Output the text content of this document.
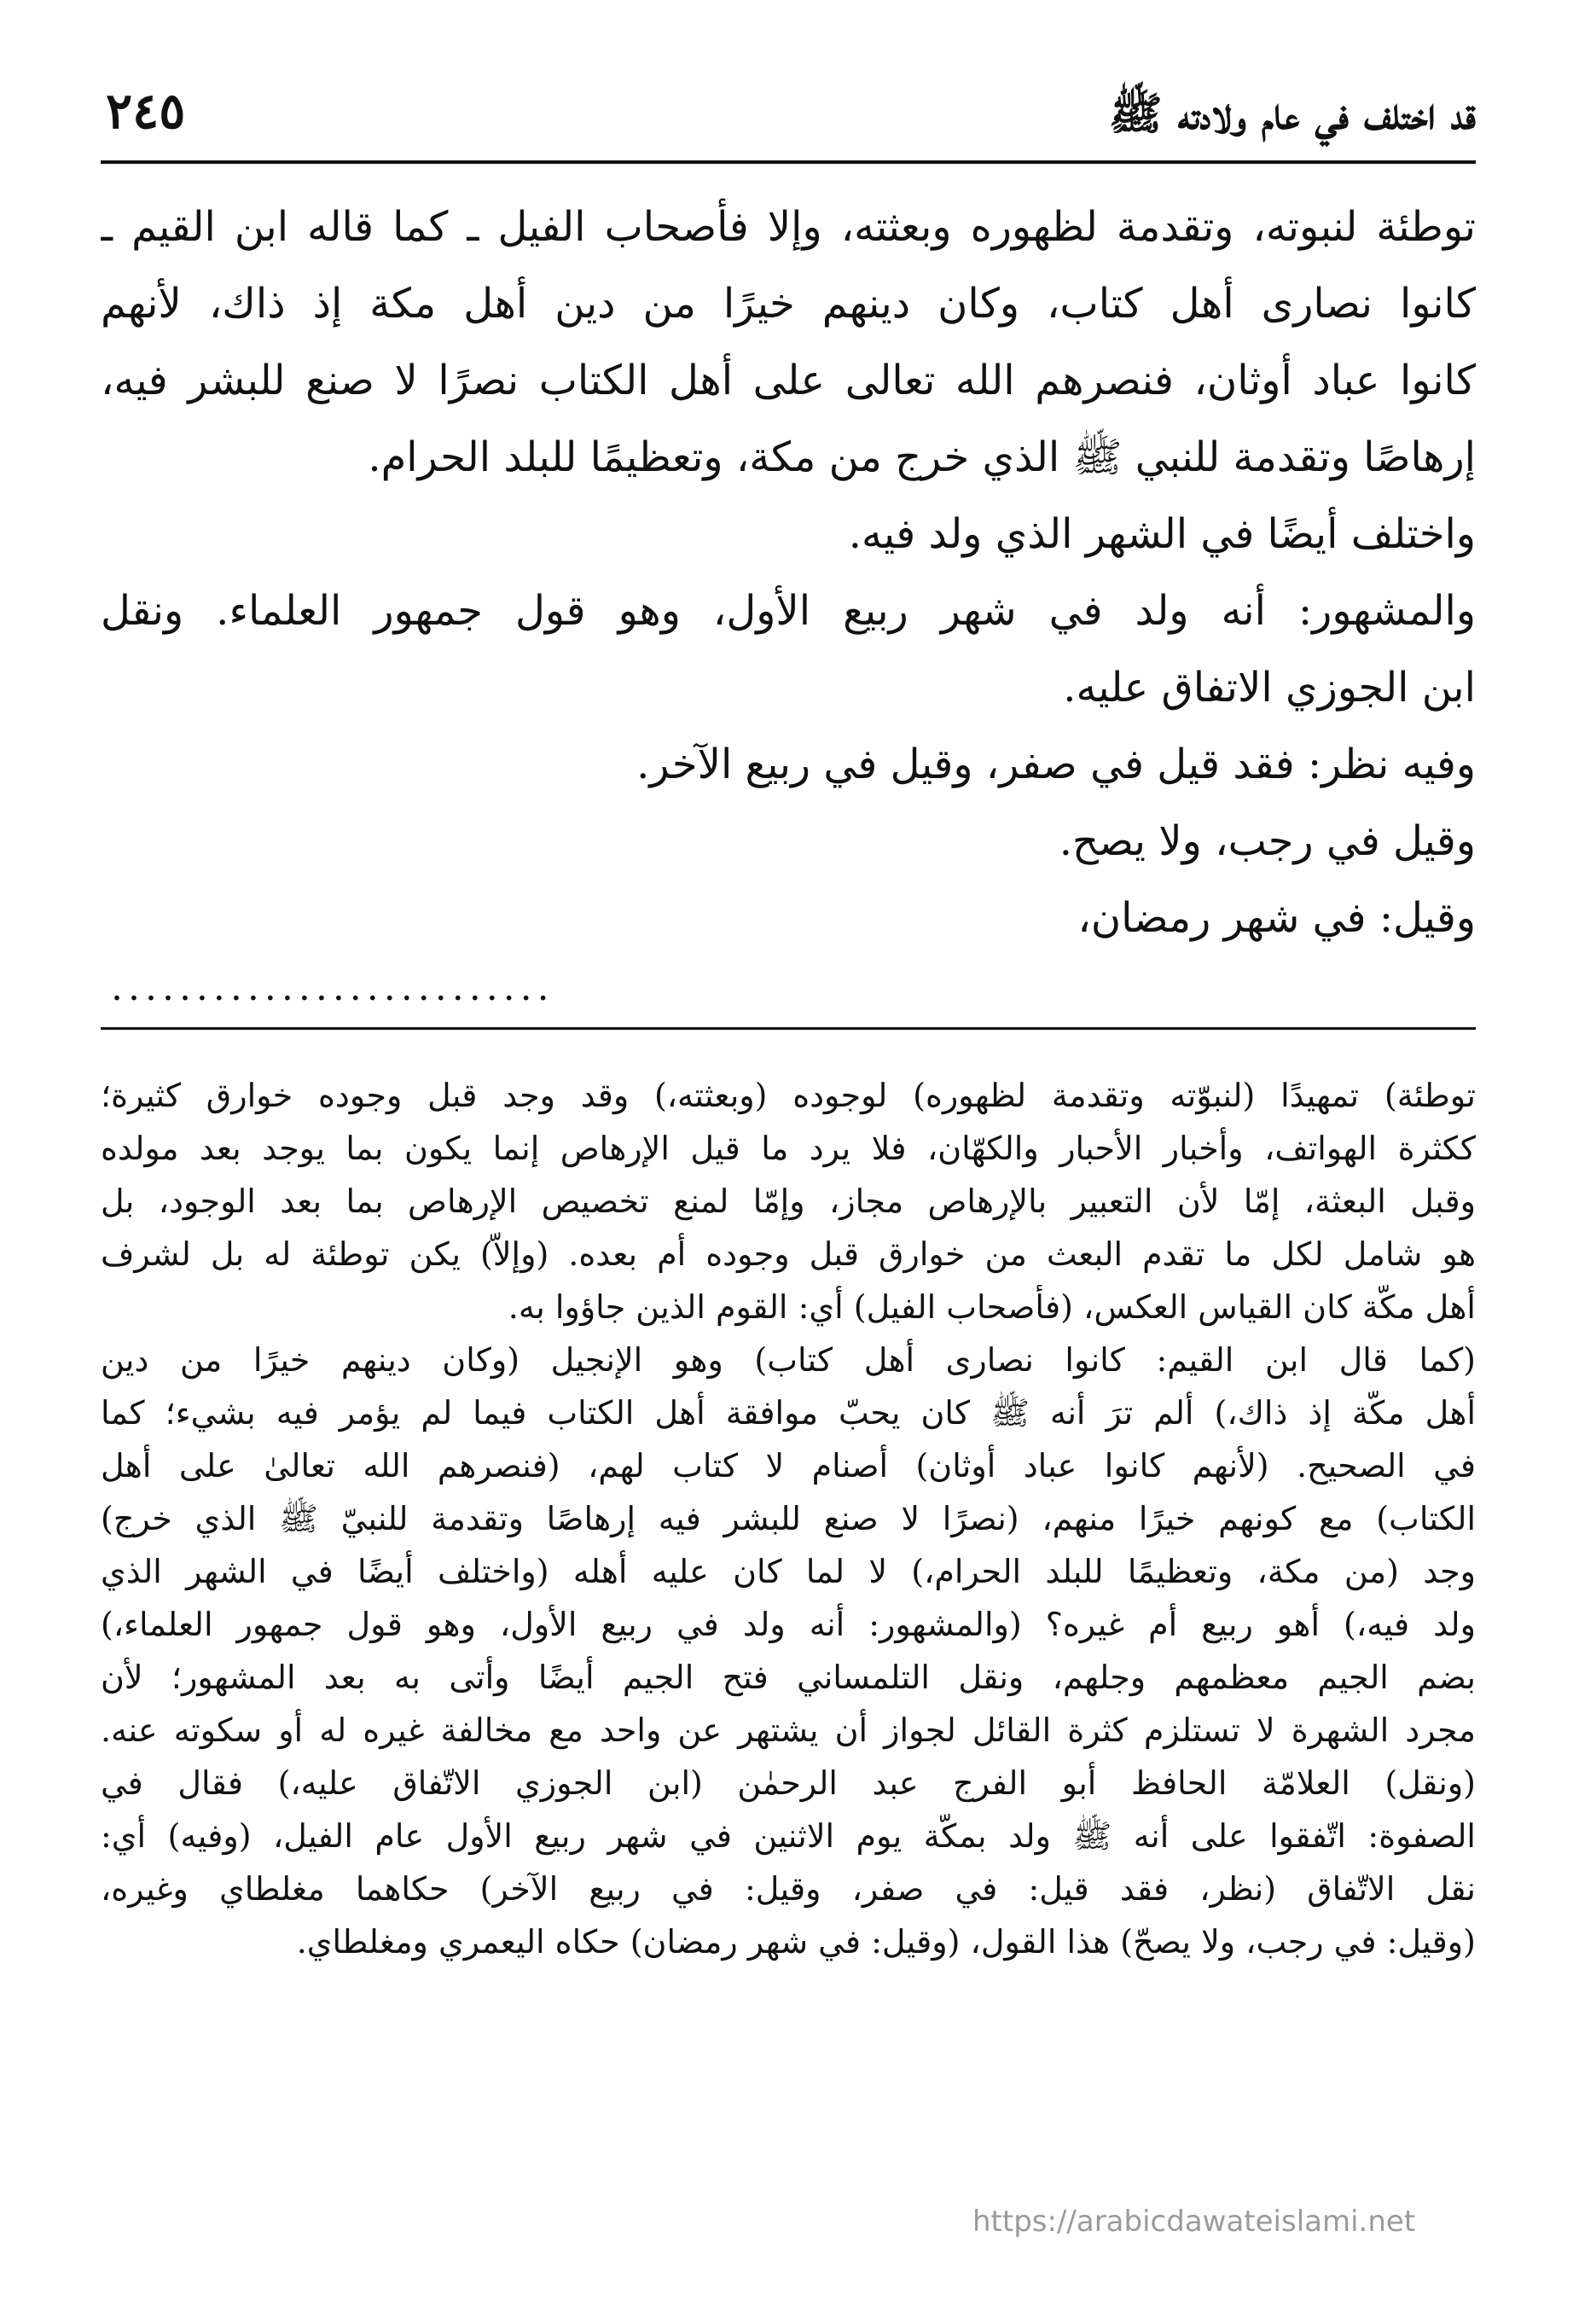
قد اختلف في عام ولادته ﷺ
٢٤٥
توطئة لنبوته، وتقدمة لظهوره وبعثته، وإلا فأصحاب الفيل ـ كما قاله ابن القيم ـ
كانوا نصارى أهل كتاب، وكان دينهم خيرًا من دين أهل مكة إذ ذاك، لأنهم
كانوا عباد أوثان، فنصرهم الله تعالى على أهل الكتاب نصرًا لا صنع للبشر فيه،
إرهاصًا وتقدمة للنبي ﷺ الذي خرج من مكة، وتعظيمًا للبلد الحرام.
واختلف أيضًا في الشهر الذي ولد فيه.
والمشهور: أنه ولد في شهر ربيع الأول، وهو قول جمهور العلماء. ونقل
ابن الجوزي الاتفاق عليه.
وفيه نظر: فقد قيل في صفر، وقيل في ربيع الآخر.
وقيل في رجب، ولا يصح.
وقيل: في شهر رمضان،
..........................
توطئة) تمهيدًا (لنبوّته وتقدمة لظهوره) لوجوده (وبعثته،) وقد وجد قبل وجوده خوارق كثيرة؛
ككثرة الهواتف، وأخبار الأحبار والكهّان، فلا يرد ما قيل الإرهاص إنما يكون بما يوجد بعد مولده
وقبل البعثة، إمّا لأن التعبير بالإرهاص مجاز، وإمّا لمنع تخصيص الإرهاص بما بعد الوجود، بل
هو شامل لكل ما تقدم البعث من خوارق قبل وجوده أم بعده. (وإلاّ) يكن توطئة له بل لشرف
أهل مكّة كان القياس العكس، (فأصحاب الفيل) أي: القوم الذين جاؤوا به.
(كما قال ابن القيم: كانوا نصارى أهل كتاب) وهو الإنجيل (وكان دينهم خيرًا من دين
أهل مكّة إذ ذاك،) ألم ترَ أنه ﷺ كان يحبّ موافقة أهل الكتاب فيما لم يؤمر فيه بشيء؛ كما
في الصحيح. (لأنهم كانوا عباد أوثان) أصنام لا كتاب لهم، (فنصرهم الله تعالىٰ على أهل
الكتاب) مع كونهم خيرًا منهم، (نصرًا لا صنع للبشر فيه إرهاصًا وتقدمة للنبيّ ﷺ الذي خرج)
وجد (من مكة، وتعظيمًا للبلد الحرام،) لا لما كان عليه أهله (واختلف أيضًا في الشهر الذي
ولد فيه،) أهو ربيع أم غيره؟ (والمشهور: أنه ولد في ربيع الأول، وهو قول جمهور العلماء،)
بضم الجيم معظمهم وجلهم، ونقل التلمساني فتح الجيم أيضًا وأتى به بعد المشهور؛ لأن
مجرد الشهرة لا تستلزم كثرة القائل لجواز أن يشتهر عن واحد مع مخالفة غيره له أو سكوته عنه.
(ونقل) العلامّة الحافظ أبو الفرج عبد الرحمٰن (ابن الجوزي الاتّفاق عليه،) فقال في
الصفوة: اتّفقوا على أنه ﷺ ولد بمكّة يوم الاثنين في شهر ربيع الأول عام الفيل، (وفيه) أي:
نقل الاتّفاق (نظر، فقد قيل: في صفر، وقيل: في ربيع الآخر) حكاهما مغلطاي وغيره،
(وقيل: في رجب، ولا يصحّ) هذا القول، (وقيل: في شهر رمضان) حكاه اليعمري ومغلطاي.
https://arabicdawateislami.net
